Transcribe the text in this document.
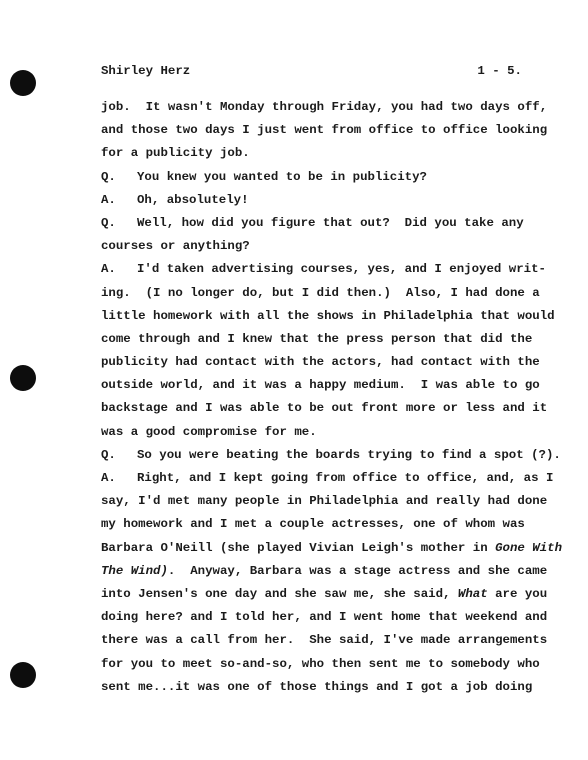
Shirley Herz	1 - 5.
job.  It wasn't Monday through Friday, you had two days off,
and those two days I just went from office to office looking
for a publicity job.
Q. You knew you wanted to be in publicity?
A. Oh, absolutely!
Q. Well, how did you figure that out?  Did you take any
courses or anything?
A. I'd taken advertising courses, yes, and I enjoyed writ-
ing.  (I no longer do, but I did then.)  Also, I had done a
little homework with all the shows in Philadelphia that would
come through and I knew that the press person that did the
publicity had contact with the actors, had contact with the
outside world, and it was a happy medium.  I was able to go
backstage and I was able to be out front more or less and it
was a good compromise for me.
Q. So you were beating the boards trying to find a spot (?).
A. Right, and I kept going from office to office, and, as I
say, I'd met many people in Philadelphia and really had done
my homework and I met a couple actresses, one of whom was
Barbara O'Neill (she played Vivian Leigh's mother in Gone With
The Wind).  Anyway, Barbara was a stage actress and she came
into Jensen's one day and she saw me, she said, What are you
doing here? and I told her, and I went home that weekend and
there was a call from her.  She said, I've made arrangements
for you to meet so-and-so, who then sent me to somebody who
sent me...it was one of those things and I got a job doing
